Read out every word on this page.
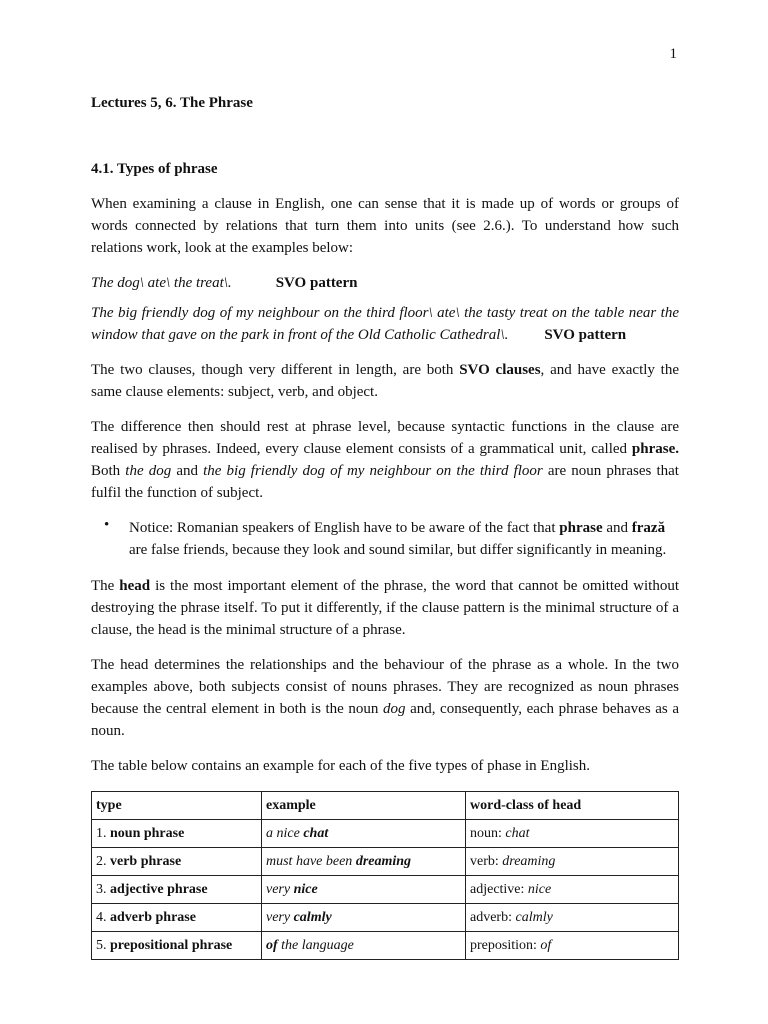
1

Lectures 5, 6. The Phrase

4.1. Types of phrase

When examining a clause in English, one can sense that it is made up of words or groups of words connected by relations that turn them into units (see 2.6.). To understand how such relations work, look at the examples below:

The dog\ ate\ the treat\.	SVO pattern

The big friendly dog of my neighbour on the third floor\ ate\ the tasty treat on the table near the window that gave on the park in front of the Old Catholic Cathedral\. SVO pattern

The two clauses, though very different in length, are both SVO clauses, and have exactly the same clause elements: subject, verb, and object.

The difference then should rest at phrase level, because syntactic functions in the clause are realised by phrases. Indeed, every clause element consists of a grammatical unit, called phrase. Both the dog and the big friendly dog of my neighbour on the third floor are noun phrases that fulfil the function of subject.

•	Notice: Romanian speakers of English have to be aware of the fact that phrase and frază are false friends, because they look and sound similar, but differ significantly in meaning.

The head is the most important element of the phrase, the word that cannot be omitted without destroying the phrase itself. To put it differently, if the clause pattern is the minimal structure of a clause, the head is the minimal structure of a phrase.

The head determines the relationships and the behaviour of the phrase as a whole. In the two examples above, both subjects consist of nouns phrases. They are recognized as noun phrases because the central element in both is the noun dog and, consequently, each phrase behaves as a noun.

The table below contains an example for each of the five types of phase in English.

type	example	word-class of head
1. noun phrase	a nice chat	noun: chat
2. verb phrase	must have been dreaming	verb: dreaming
3. adjective phrase	very nice	adjective: nice
4. adverb phrase	very calmly	adverb: calmly
5. prepositional phrase	of the language	preposition: of
